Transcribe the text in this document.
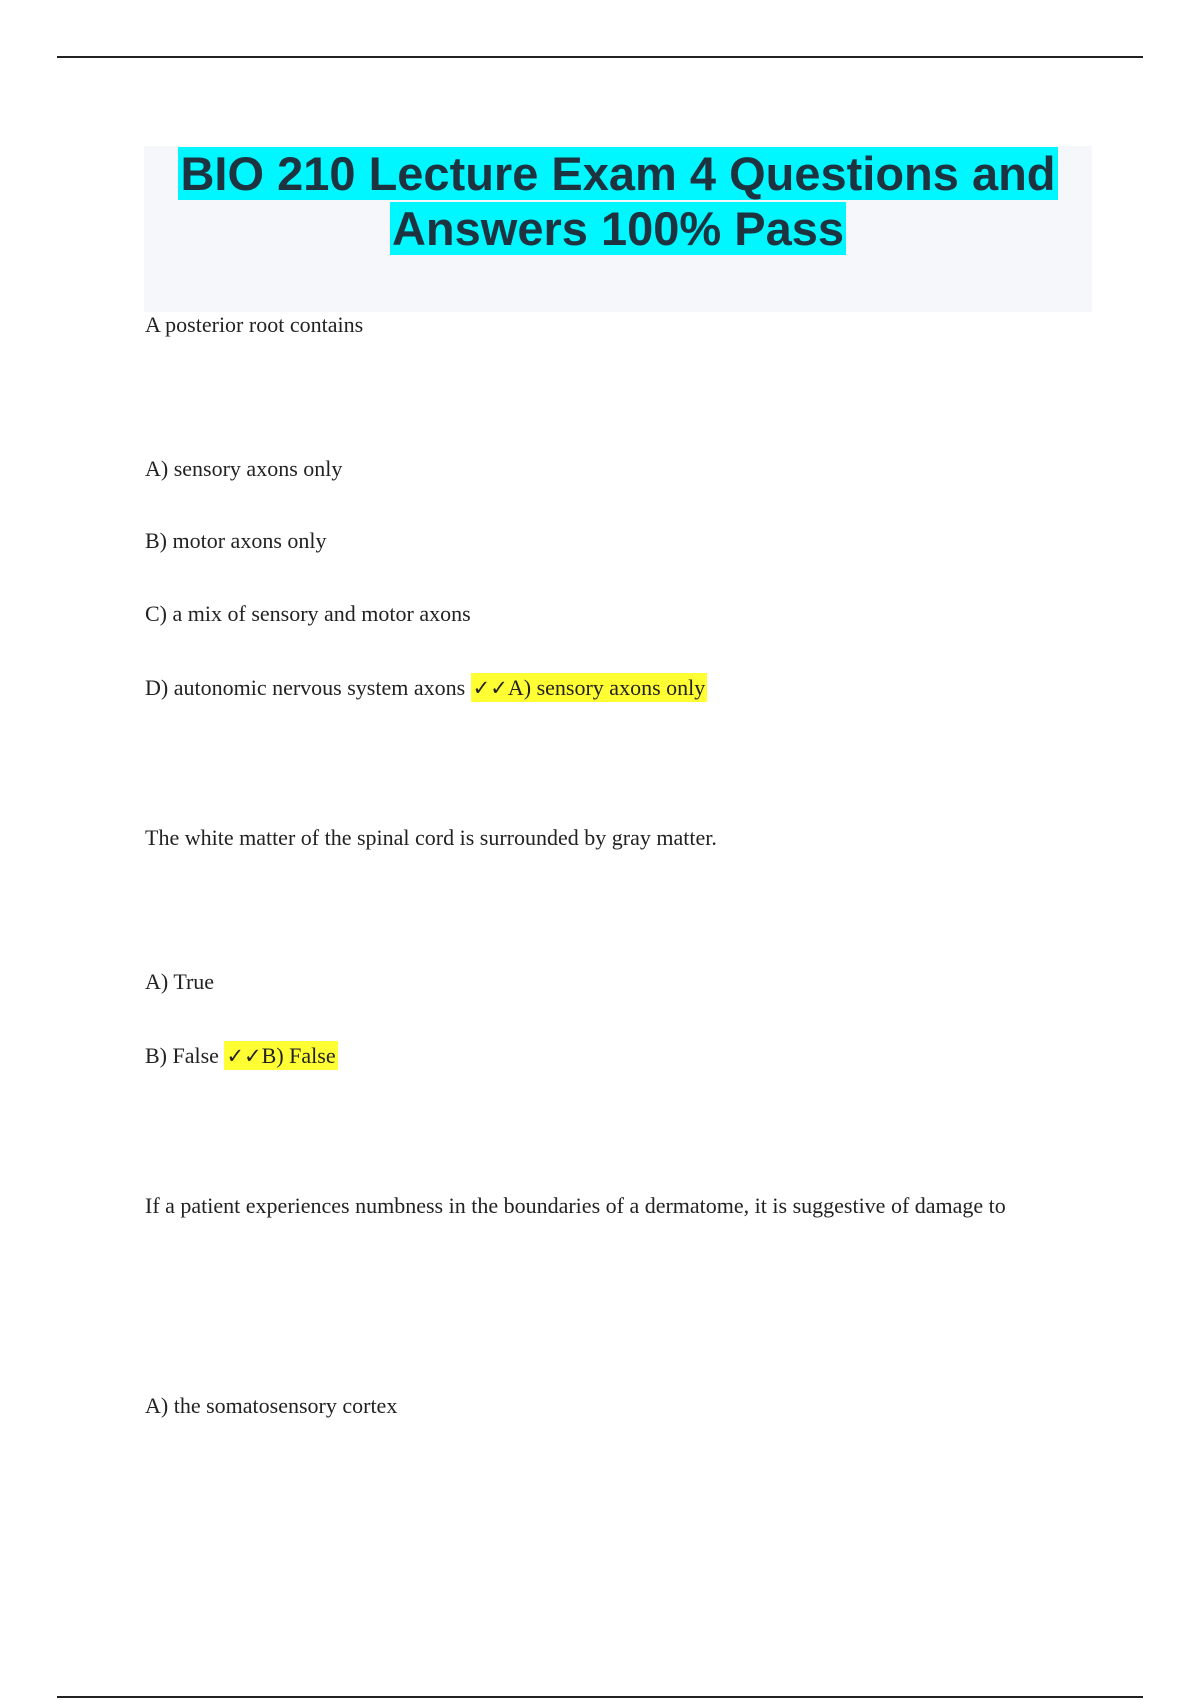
BIO 210 Lecture Exam 4 Questions and
Answers 100% Pass

A posterior root contains

A) sensory axons only

B) motor axons only

C) a mix of sensory and motor axons

D) autonomic nervous system axons ✓✓A) sensory axons only

The white matter of the spinal cord is surrounded by gray matter.

A) True

B) False ✓✓B) False

If a patient experiences numbness in the boundaries of a dermatome, it is suggestive of damage to

A) the somatosensory cortex
